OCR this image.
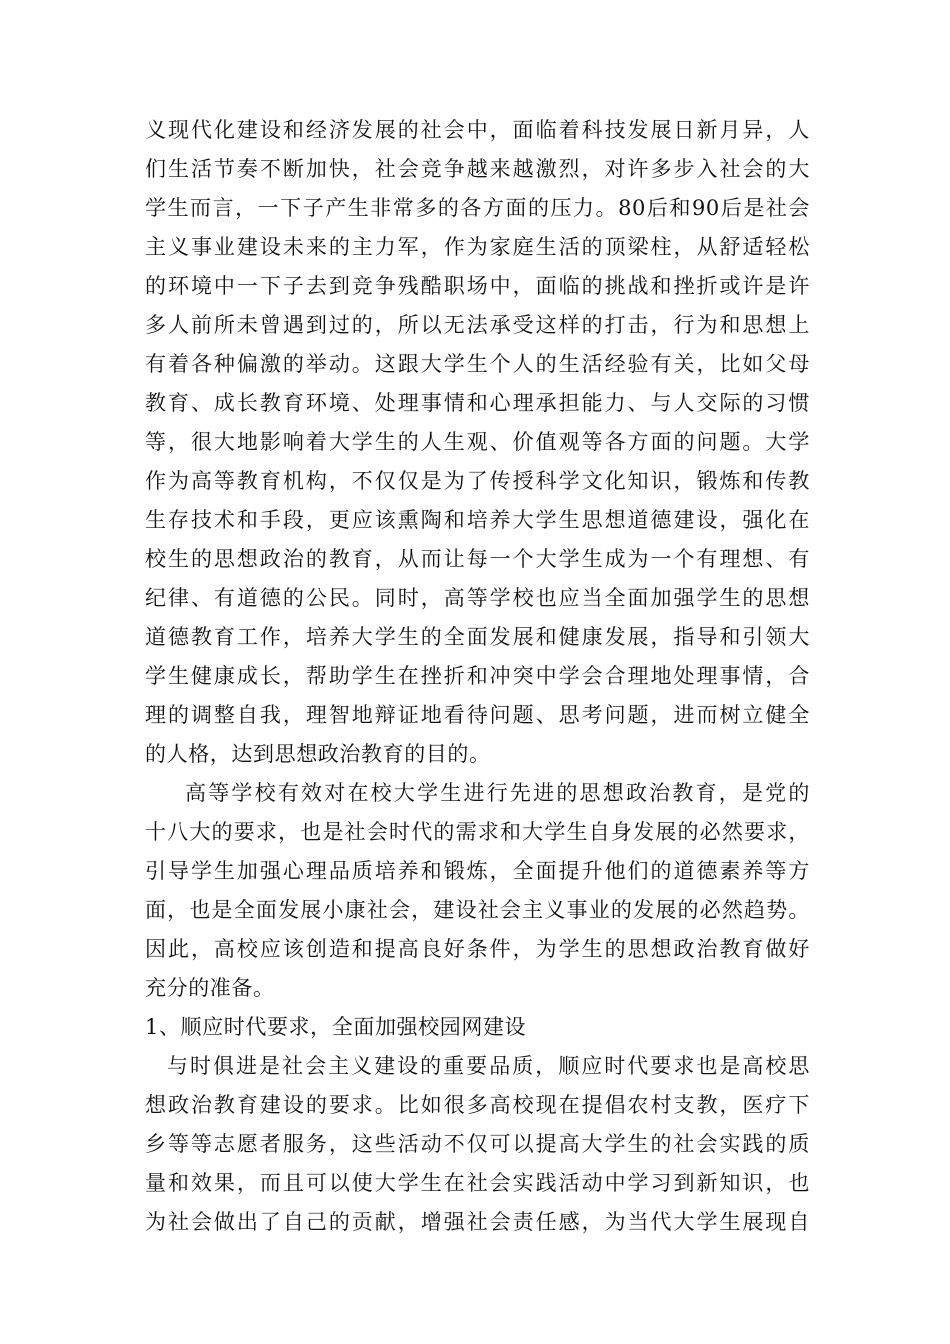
义现代化建设和经济发展的社会中，面临着科技发展日新月异，人
们生活节奏不断加快，社会竞争越来越激烈，对许多步入社会的大
学生而言，一下子产生非常多的各方面的压力。80后和90后是社会
主义事业建设未来的主力军，作为家庭生活的顶梁柱，从舒适轻松
的环境中一下子去到竞争残酷职场中，面临的挑战和挫折或许是许
多人前所未曾遇到过的，所以无法承受这样的打击，行为和思想上
有着各种偏激的举动。这跟大学生个人的生活经验有关，比如父母
教育、成长教育环境、处理事情和心理承担能力、与人交际的习惯
等，很大地影响着大学生的人生观、价值观等各方面的问题。大学
作为高等教育机构，不仅仅是为了传授科学文化知识，锻炼和传教
生存技术和手段，更应该熏陶和培养大学生思想道德建设，强化在
校生的思想政治的教育，从而让每一个大学生成为一个有理想、有
纪律、有道德的公民。同时，高等学校也应当全面加强学生的思想
道德教育工作，培养大学生的全面发展和健康发展，指导和引领大
学生健康成长，帮助学生在挫折和冲突中学会合理地处理事情，合
理的调整自我，理智地辩证地看待问题、思考问题，进而树立健全
的人格，达到思想政治教育的目的。
高等学校有效对在校大学生进行先进的思想政治教育，是党的
十八大的要求，也是社会时代的需求和大学生自身发展的必然要求，
引导学生加强心理品质培养和锻炼，全面提升他们的道德素养等方
面，也是全面发展小康社会，建设社会主义事业的发展的必然趋势。
因此，高校应该创造和提高良好条件，为学生的思想政治教育做好
充分的准备。
1、顺应时代要求，全面加强校园网建设
与时俱进是社会主义建设的重要品质，顺应时代要求也是高校思
想政治教育建设的要求。比如很多高校现在提倡农村支教，医疗下
乡等等志愿者服务，这些活动不仅可以提高大学生的社会实践的质
量和效果，而且可以使大学生在社会实践活动中学习到新知识，也
为社会做出了自己的贡献，增强社会责任感，为当代大学生展现自
